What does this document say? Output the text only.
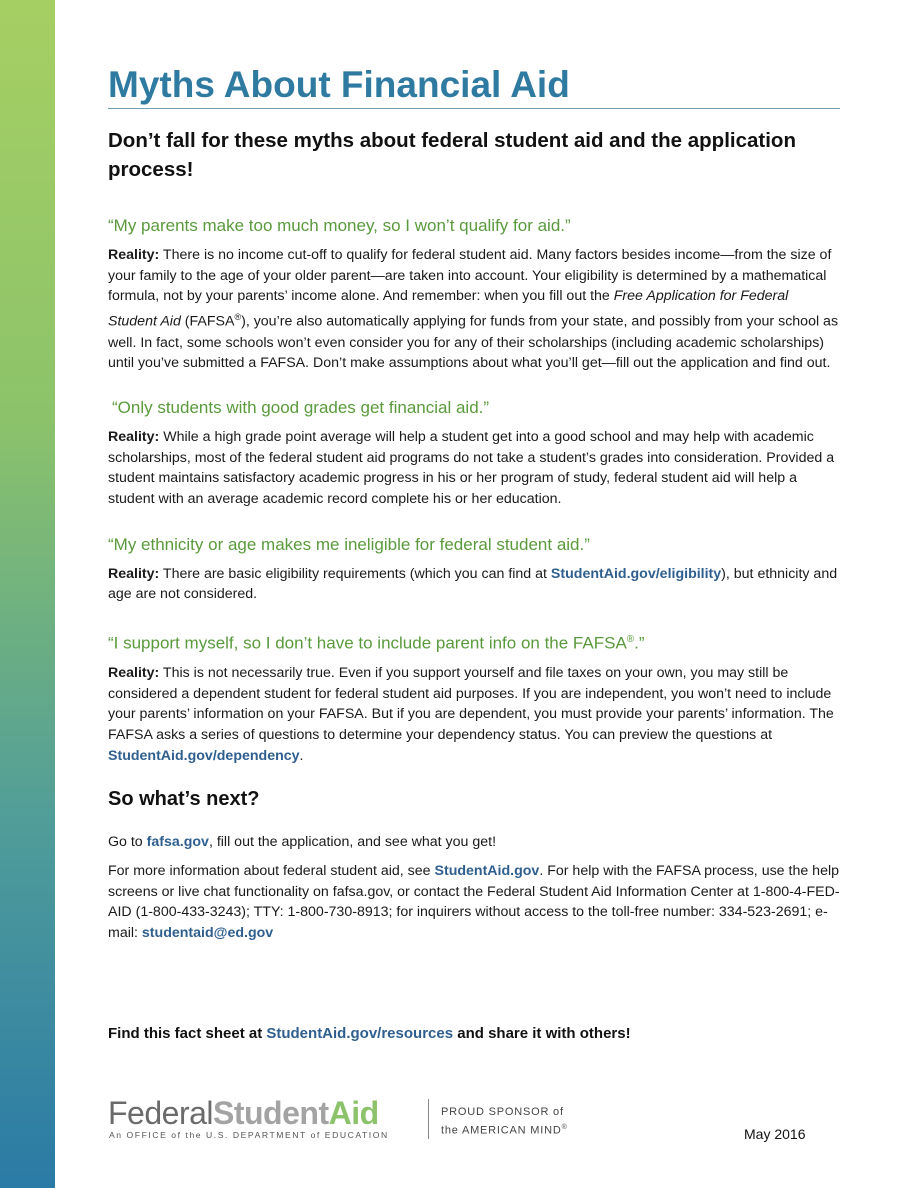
Myths About Financial Aid
Don’t fall for these myths about federal student aid and the application process!
“My parents make too much money, so I won’t qualify for aid.”

Reality: There is no income cut-off to qualify for federal student aid. Many factors besides income—from the size of your family to the age of your older parent—are taken into account. Your eligibility is determined by a mathematical formula, not by your parents’ income alone. And remember: when you fill out the Free Application for Federal Student Aid (FAFSA®), you’re also automatically applying for funds from your state, and possibly from your school as well. In fact, some schools won’t even consider you for any of their scholarships (including academic scholarships) until you’ve submitted a FAFSA. Don’t make assumptions about what you’ll get—fill out the application and find out.

“Only students with good grades get financial aid.”

Reality: While a high grade point average will help a student get into a good school and may help with academic scholarships, most of the federal student aid programs do not take a student’s grades into consideration. Provided a student maintains satisfactory academic progress in his or her program of study, federal student aid will help a student with an average academic record complete his or her education.

“My ethnicity or age makes me ineligible for federal student aid.”

Reality: There are basic eligibility requirements (which you can find at StudentAid.gov/eligibility), but ethnicity and age are not considered.

“I support myself, so I don’t have to include parent info on the FAFSA®.”

Reality: This is not necessarily true. Even if you support yourself and file taxes on your own, you may still be considered a dependent student for federal student aid purposes. If you are independent, you won’t need to include your parents’ information on your FAFSA. But if you are dependent, you must provide your parents’ information. The FAFSA asks a series of questions to determine your dependency status. You can preview the questions at StudentAid.gov/dependency.

So what’s next?

Go to fafsa.gov, fill out the application, and see what you get!

For more information about federal student aid, see StudentAid.gov. For help with the FAFSA process, use the help screens or live chat functionality on fafsa.gov, or contact the Federal Student Aid Information Center at 1-800-4-FED-AID (1-800-433-3243); TTY: 1-800-730-8913; for inquirers without access to the toll-free number: 334-523-2691; e-mail: studentaid@ed.gov

Find this fact sheet at StudentAid.gov/resources and share it with others!

FederalStudentAid
An OFFICE of the U.S. DEPARTMENT of EDUCATION
PROUD SPONSOR of
the AMERICAN MIND®	May 2016
